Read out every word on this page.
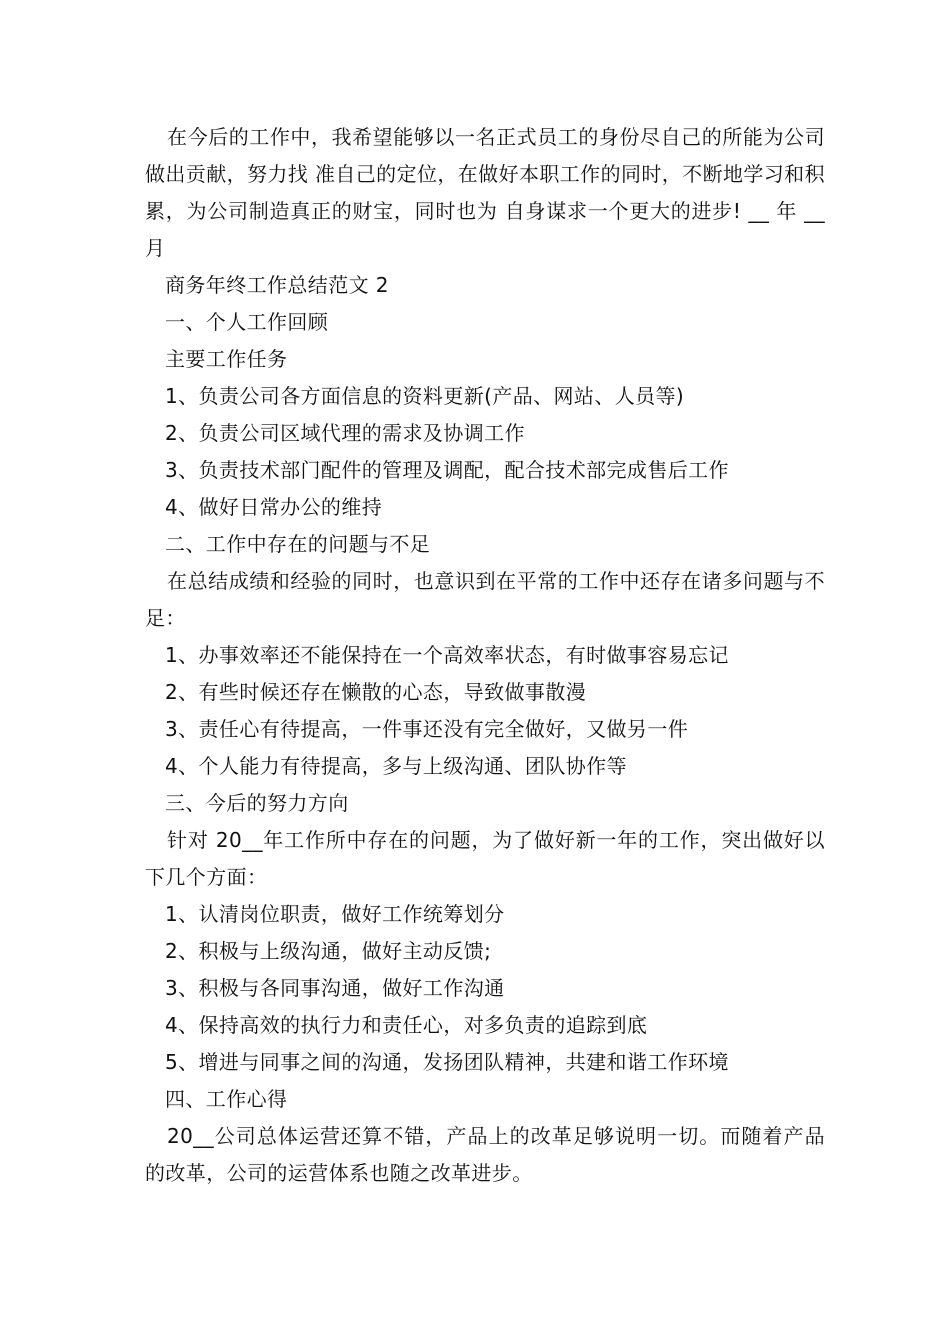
在今后的工作中，我希望能够以一名正式员工的身份尽自己的所能为公司做出贡献，努力找 准自己的定位，在做好本职工作的同时，不断地学习和积累，为公司制造真正的财宝，同时也为 自身谋求一个更大的进步! __ 年 __ 月

商务年终工作总结范文 2

一、个人工作回顾

主要工作任务

1、负责公司各方面信息的资料更新(产品、网站、人员等)

2、负责公司区域代理的需求及协调工作

3、负责技术部门配件的管理及调配，配合技术部完成售后工作

4、做好日常办公的维持

二、工作中存在的问题与不足

在总结成绩和经验的同时，也意识到在平常的工作中还存在诸多问题与不足：

1、办事效率还不能保持在一个高效率状态，有时做事容易忘记

2、有些时候还存在懒散的心态，导致做事散漫

3、责任心有待提高，一件事还没有完全做好，又做另一件

4、个人能力有待提高，多与上级沟通、团队协作等

三、今后的努力方向

针对 20__年工作所中存在的问题，为了做好新一年的工作，突出做好以下几个方面：

1、认清岗位职责，做好工作统筹划分

2、积极与上级沟通，做好主动反馈;

3、积极与各同事沟通，做好工作沟通

4、保持高效的执行力和责任心，对多负责的追踪到底

5、增进与同事之间的沟通，发扬团队精神，共建和谐工作环境

四、工作心得

20__公司总体运营还算不错，产品上的改革足够说明一切。而随着产品的改革，公司的运营体系也随之改革进步。
